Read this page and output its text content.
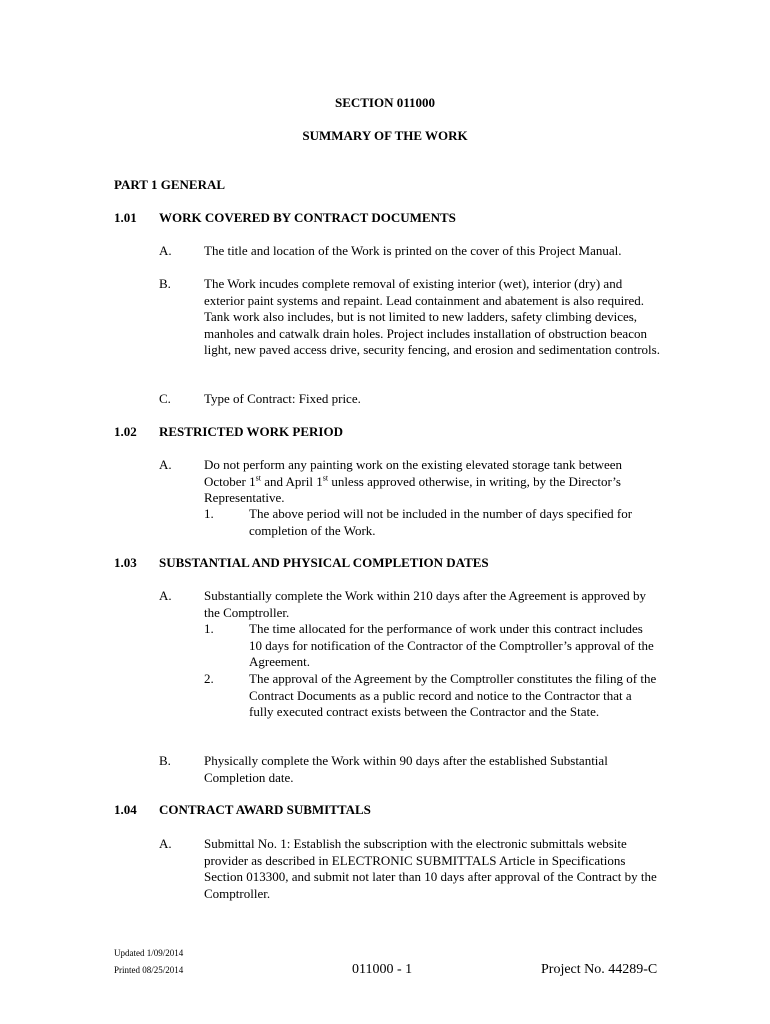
SECTION 011000
SUMMARY OF THE WORK
PART 1 GENERAL
1.01 WORK COVERED BY CONTRACT DOCUMENTS
A. The title and location of the Work is printed on the cover of this Project Manual.
B.	The Work incudes complete removal of existing interior (wet), interior (dry) and exterior paint systems and repaint. Lead containment and abatement is also required. Tank work also includes, but is not limited to new ladders, safety climbing devices, manholes and catwalk drain holes. Project includes installation of obstruction beacon light, new paved access drive, security fencing, and erosion and sedimentation controls.
C.	Type of Contract: Fixed price.
1.02 RESTRICTED WORK PERIOD
A. Do not perform any painting work on the existing elevated storage tank between October 1st and April 1st unless approved otherwise, in writing, by the Director’s Representative.
1.	The above period will not be included in the number of days specified for completion of the Work.
1.03 SUBSTANTIAL AND PHYSICAL COMPLETION DATES
A. Substantially complete the Work within 210 days after the Agreement is approved by the Comptroller.
1.	The time allocated for the performance of work under this contract includes 10 days for notification of the Contractor of the Comptroller’s approval of the Agreement.
2.	The approval of the Agreement by the Comptroller constitutes the filing of the Contract Documents as a public record and notice to the Contractor that a fully executed contract exists between the Contractor and the State.
B.	Physically complete the Work within 90 days after the established Substantial Completion date.
1.04 CONTRACT AWARD SUBMITTALS
A. Submittal No. 1: Establish the subscription with the electronic submittals website provider as described in ELECTRONIC SUBMITTALS Article in Specifications Section 013300, and submit not later than 10 days after approval of the Contract by the Comptroller.
Updated 1/09/2014
Printed 08/25/2014	011000 - 1	Project No. 44289-C
